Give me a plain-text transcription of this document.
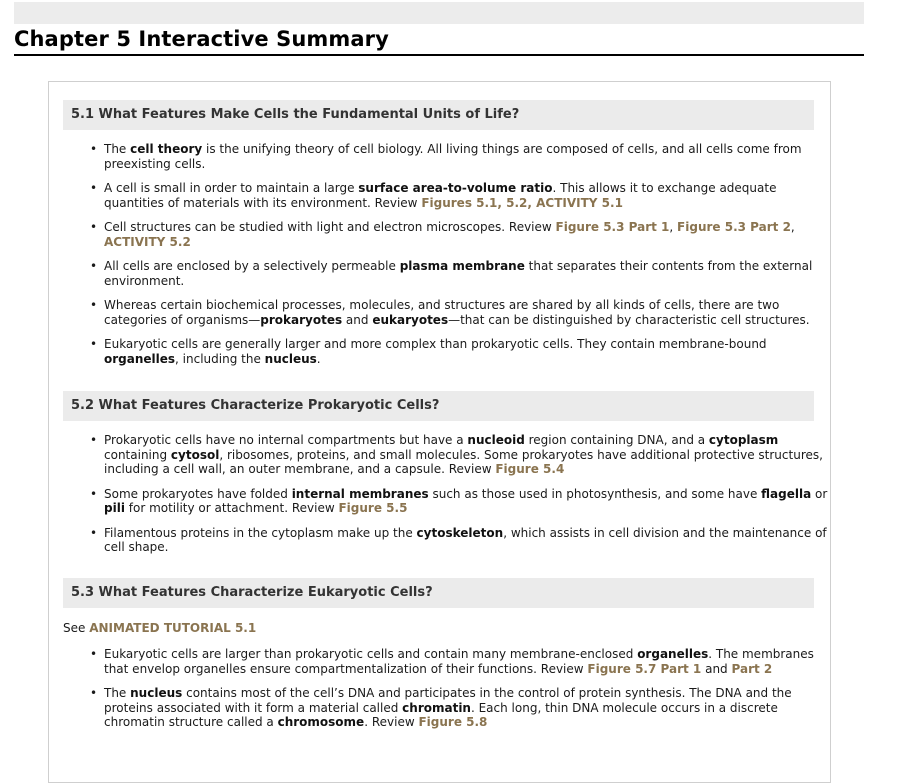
Chapter 5 Interactive Summary
5.1 What Features Make Cells the Fundamental Units of Life?
• The cell theory is the unifying theory of cell biology. All living things are composed of cells, and all cells come from preexisting cells.
• A cell is small in order to maintain a large surface area-to-volume ratio. This allows it to exchange adequate quantities of materials with its environment. Review Figures 5.1, 5.2, ACTIVITY 5.1
• Cell structures can be studied with light and electron microscopes. Review Figure 5.3 Part 1, Figure 5.3 Part 2, ACTIVITY 5.2
• All cells are enclosed by a selectively permeable plasma membrane that separates their contents from the external environment.
• Whereas certain biochemical processes, molecules, and structures are shared by all kinds of cells, there are two categories of organisms—prokaryotes and eukaryotes—that can be distinguished by characteristic cell structures.
• Eukaryotic cells are generally larger and more complex than prokaryotic cells. They contain membrane-bound organelles, including the nucleus.
5.2 What Features Characterize Prokaryotic Cells?
• Prokaryotic cells have no internal compartments but have a nucleoid region containing DNA, and a cytoplasm containing cytosol, ribosomes, proteins, and small molecules. Some prokaryotes have additional protective structures, including a cell wall, an outer membrane, and a capsule. Review Figure 5.4
• Some prokaryotes have folded internal membranes such as those used in photosynthesis, and some have flagella or pili for motility or attachment. Review Figure 5.5
• Filamentous proteins in the cytoplasm make up the cytoskeleton, which assists in cell division and the maintenance of cell shape.
5.3 What Features Characterize Eukaryotic Cells?
See ANIMATED TUTORIAL 5.1
• Eukaryotic cells are larger than prokaryotic cells and contain many membrane-enclosed organelles. The membranes that envelop organelles ensure compartmentalization of their functions. Review Figure 5.7 Part 1 and Part 2
• The nucleus contains most of the cell’s DNA and participates in the control of protein synthesis. The DNA and the proteins associated with it form a material called chromatin. Each long, thin DNA molecule occurs in a discrete chromatin structure called a chromosome. Review Figure 5.8
